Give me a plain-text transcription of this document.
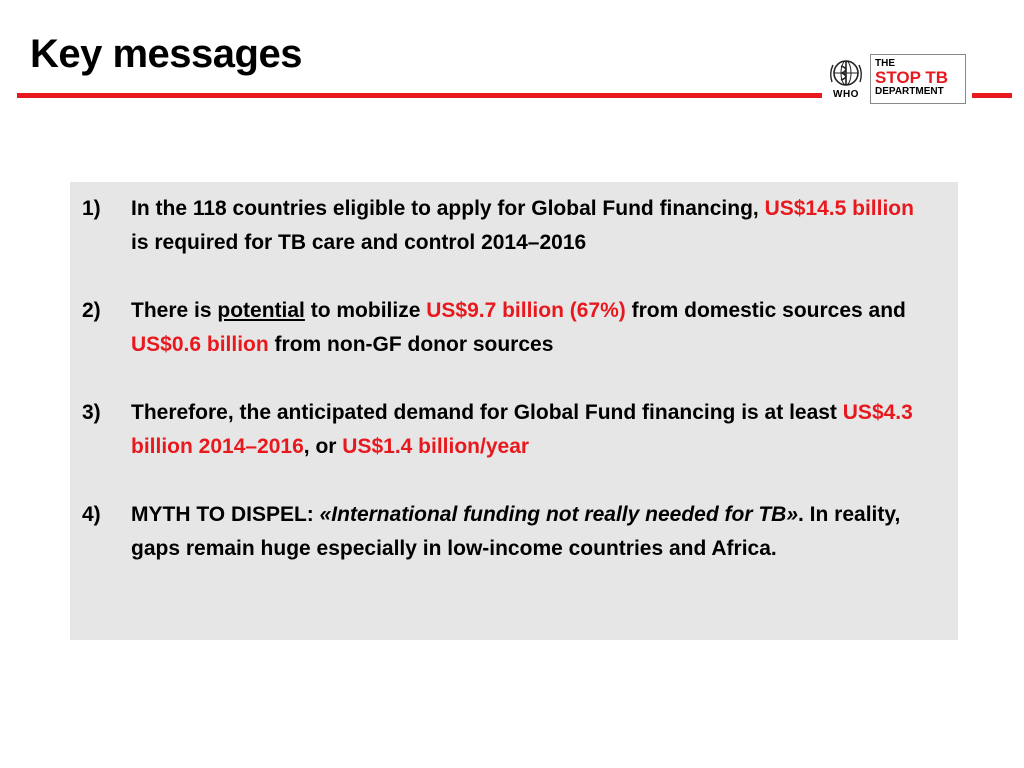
Key messages
WHO
THE
STOP TB
DEPARTMENT
1)	In the 118 countries eligible to apply for Global Fund financing, US$14.5 billion is required for TB care and control 2014–2016
2)	There is potential to mobilize US$9.7 billion (67%) from domestic sources and US$0.6 billion from non-GF donor sources
3)	Therefore, the anticipated demand for Global Fund financing is at least US$4.3 billion 2014–2016, or US$1.4 billion/year
4)	MYTH TO DISPEL: «International funding not really needed for TB». In reality, gaps remain huge especially in low-income countries and Africa.
